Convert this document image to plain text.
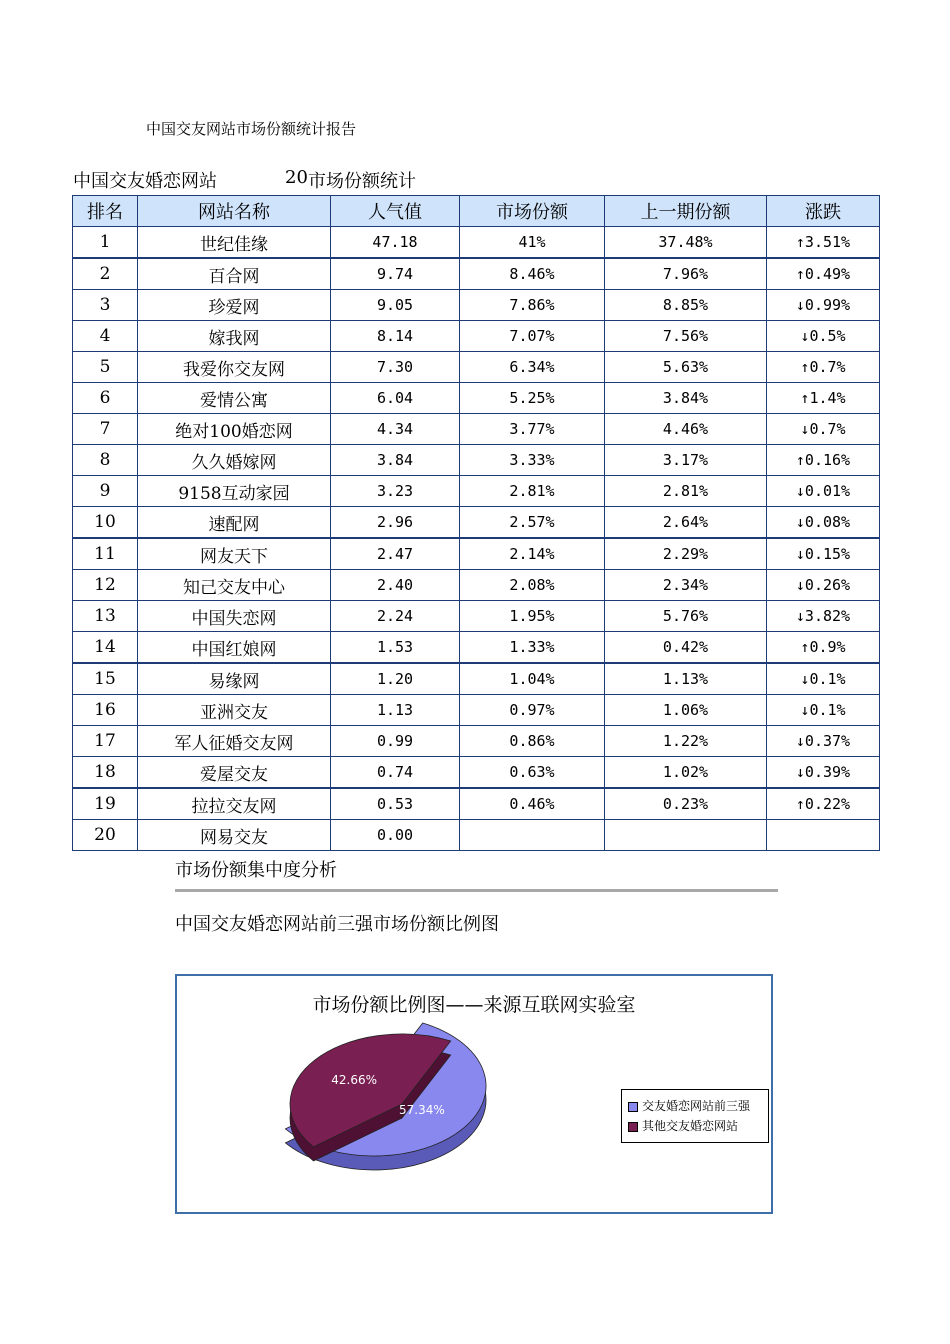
中国交友网站市场份额统计报告
中国交友婚恋网站	20 市场份额统计
排名	网站名称	人气值	市场份额	上一期份额	涨跌
1	世纪佳缘	47.18	41%	37.48%	↑3.51%
2	百合网	9.74	8.46%	7.96%	↑0.49%
3	珍爱网	9.05	7.86%	8.85%	↓0.99%
4	嫁我网	8.14	7.07%	7.56%	↓0.5%
5	我爱你交友网	7.30	6.34%	5.63%	↑0.7%
6	爱情公寓	6.04	5.25%	3.84%	↑1.4%
7	绝对100婚恋网	4.34	3.77%	4.46%	↓0.7%
8	久久婚嫁网	3.84	3.33%	3.17%	↑0.16%
9	9158互动家园	3.23	2.81%	2.81%	↓0.01%
10	速配网	2.96	2.57%	2.64%	↓0.08%
11	网友天下	2.47	2.14%	2.29%	↓0.15%
12	知己交友中心	2.40	2.08%	2.34%	↓0.26%
13	中国失恋网	2.24	1.95%	5.76%	↓3.82%
14	中国红娘网	1.53	1.33%	0.42%	↑0.9%
15	易缘网	1.20	1.04%	1.13%	↓0.1%
16	亚洲交友	1.13	0.97%	1.06%	↓0.1%
17	军人征婚交友网	0.99	0.86%	1.22%	↓0.37%
18	爱屋交友	0.74	0.63%	1.02%	↓0.39%
19	拉拉交友网	0.53	0.46%	0.23%	↑0.22%
20	网易交友	0.00			
市场份额集中度分析
中国交友婚恋网站前三强市场份额比例图
市场份额比例图——来源互联网实验室
57.34%
42.66%
交友婚恋网站前三强
其他交友婚恋网站
